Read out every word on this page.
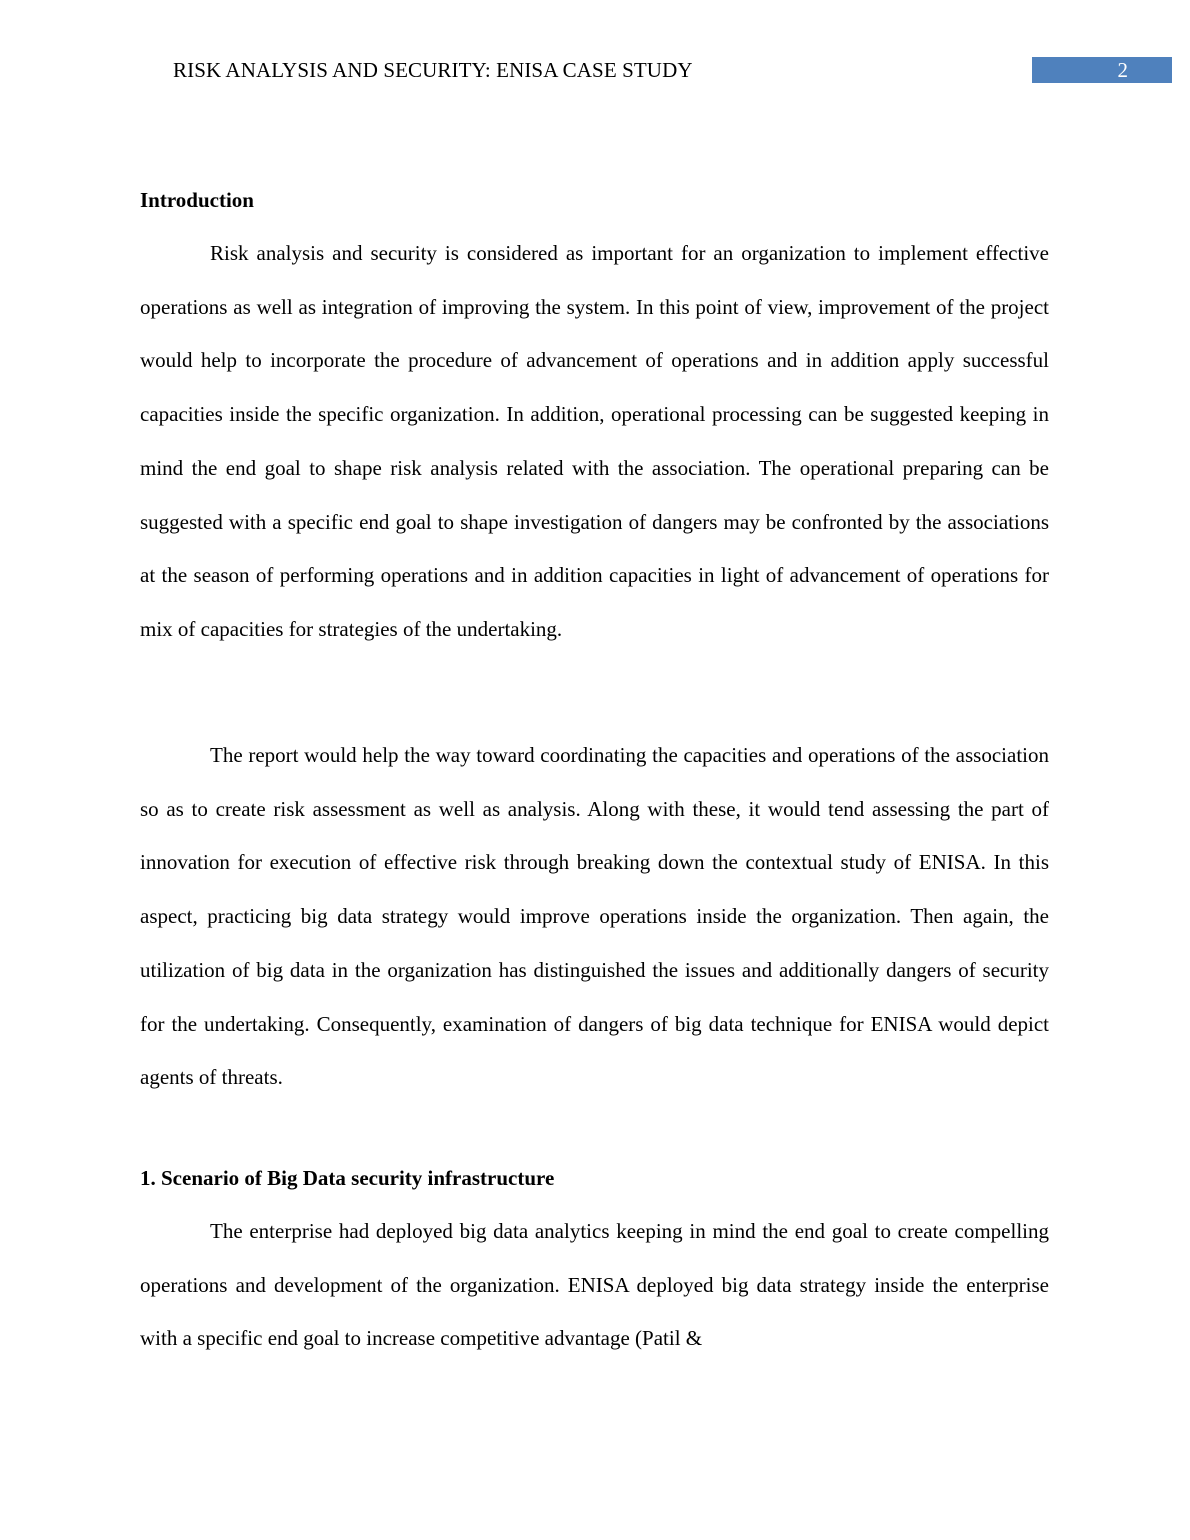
RISK ANALYSIS AND SECURITY: ENISA CASE STUDY	2
Introduction

Risk analysis and security is considered as important for an organization to implement effective operations as well as integration of improving the system. In this point of view, improvement of the project would help to incorporate the procedure of advancement of operations and in addition apply successful capacities inside the specific organization. In addition, operational processing can be suggested keeping in mind the end goal to shape risk analysis related with the association. The operational preparing can be suggested with a specific end goal to shape investigation of dangers may be confronted by the associations at the season of performing operations and in addition capacities in light of advancement of operations for mix of capacities for strategies of the undertaking.

The report would help the way toward coordinating the capacities and operations of the association so as to create risk assessment as well as analysis. Along with these, it would tend assessing the part of innovation for execution of effective risk through breaking down the contextual study of ENISA. In this aspect, practicing big data strategy would improve operations inside the organization. Then again, the utilization of big data in the organization has distinguished the issues and additionally dangers of security for the undertaking. Consequently, examination of dangers of big data technique for ENISA would depict agents of threats.

1. Scenario of Big Data security infrastructure

The enterprise had deployed big data analytics keeping in mind the end goal to create compelling operations and development of the organization. ENISA deployed big data strategy inside the enterprise with a specific end goal to increase competitive advantage (Patil &
